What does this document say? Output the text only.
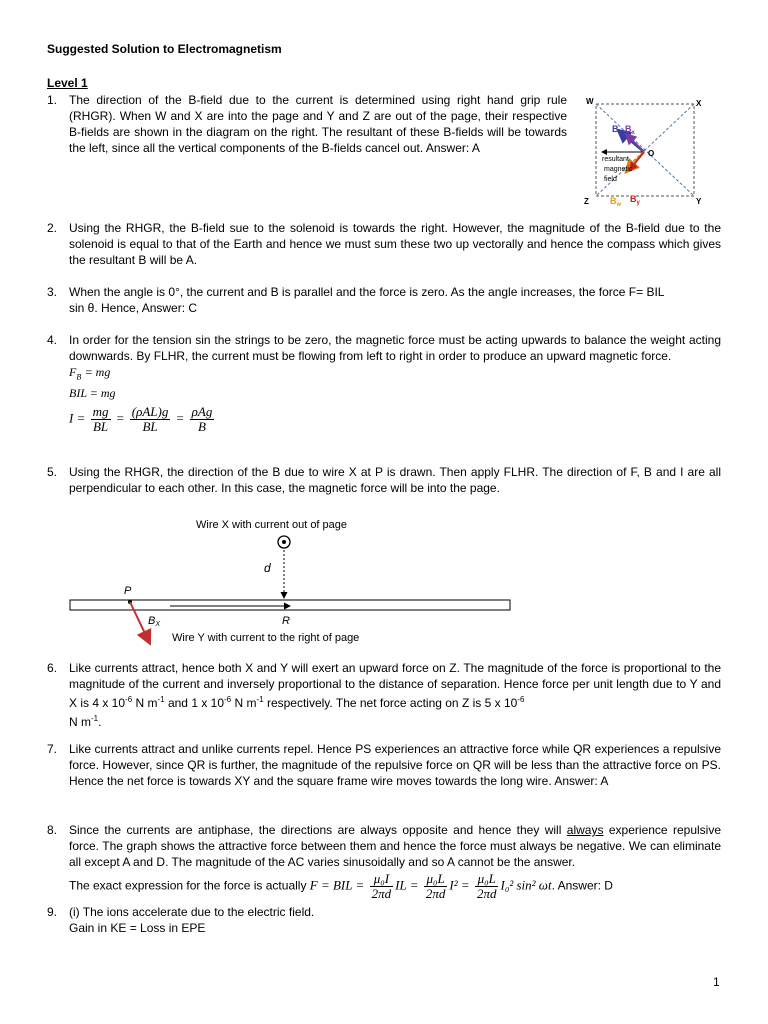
Suggested Solution to Electromagnetism
Level 1
1. The direction of the B-field due to the current is determined using right hand grip rule (RHGR). When W and X are into the page and Y and Z are out of the page, their respective B-fields are shown in the diagram on the right. The resultant of these B-fields will be towards the left, since all the vertical components of the B-fields cancel out. Answer: A
W	X
Z	Y
O
$B_z$ $B_x$
resultant
magnetic
field
$B_w$
$B_y$
2. Using the RHGR, the B-field sue to the solenoid is towards the right. However, the magnitude of the B-field due to the solenoid is equal to that of the Earth and hence we must sum these two up vectorally and hence the compass which gives the resultant B will be A.
3. When the angle is 0°, the current and B is parallel and the force is zero. As the angle increases, the force F= BIL
sin θ. Hence, Answer: C
4. In order for the tension sin the strings to be zero, the magnetic force must be acting upwards to balance the weight acting downwards. By FLHR, the current must be flowing from left to right in order to produce an upward magnetic force.
$F_B$ = mg
BIL = mg
$I = \frac{mg}{BL} = \frac{\text{(ρAL)g}}{BL} = \frac{\text{ρAg}}{B}$
5. Using the RHGR, the direction of the B due to wire X at P is drawn. Then apply FLHR. The direction of F, B and I are all perpendicular to each other. In this case, the magnetic force will be into the page.
Wire X with current out of page
d
P
BX	R
Wire Y with current to the right of page
6. Like currents attract, hence both X and Y will exert an upward force on Z. The magnitude of the force is proportional to the magnitude of the current and inversely proportional to the distance of separation. Hence force per unit length due to Y and X is 4 x $10^{-6}$ N $m^{-1}$ and 1 x $10^{-6}$ N $m^{-1}$ respectively. The net force acting on Z is 5 x $10^{-6}$
N $m^{-1}$.
7. Like currents attract and unlike currents repel. Hence PS experiences an attractive force while QR experiences a repulsive force. However, since QR is further, the magnitude of the repulsive force on QR will be less than the attractive force on PS. Hence the net force is towards XY and the square frame wire moves towards the long wire. Answer: A
8. Since the currents are antiphase, the directions are always opposite and hence they will always experience repulsive force. The graph shows the attractive force between them and hence the force must always be negative. We can eliminate all except A and D. The magnitude of the AC varies sinusoidally and so A cannot be the answer.
The exact expression for the force is actually F = BIL = $\frac{\text{μ₀I}}{2\pi d}$ IL = $\frac{\text{μ₀L}}{2\pi d} I^2 = \frac{\text{μ₀L}}{2\pi d} I_0^2$ sin² ωt. Answer: D
9. (i) The ions accelerate due to the electric field.
Gain in KE = Loss in EPE
1
